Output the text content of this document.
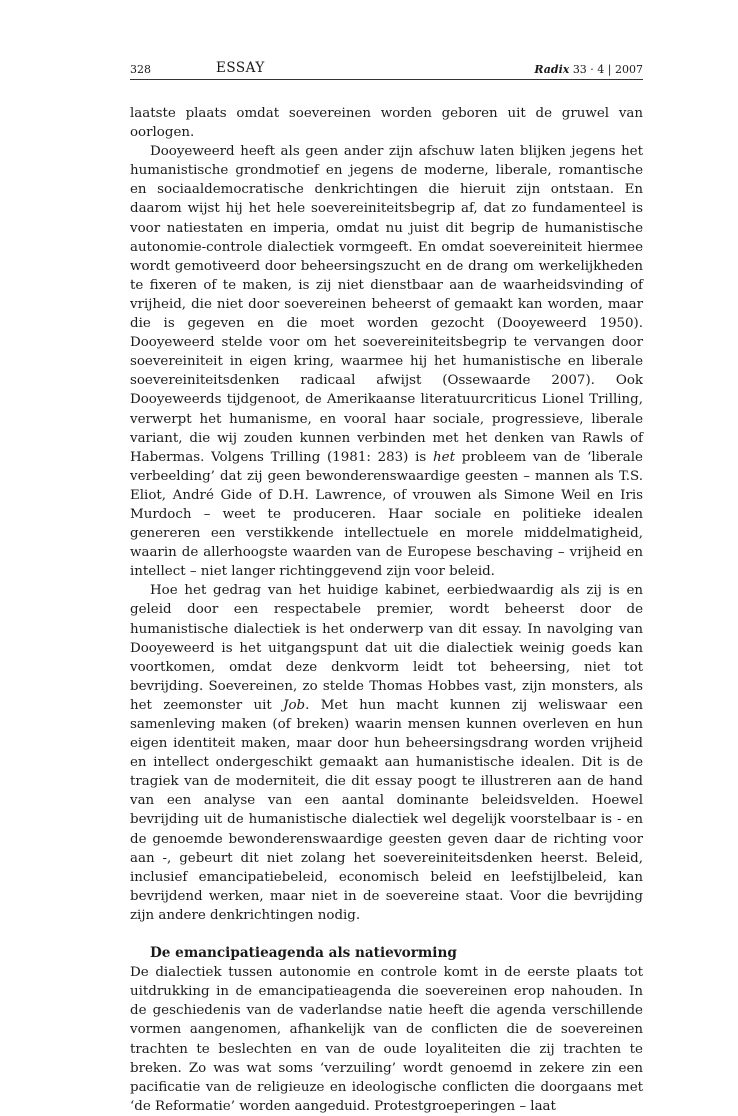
328	ESSAY	Radix 33 · 4 | 2007

laatste plaats omdat soevereinen worden geboren uit de gruwel van oorlogen.

Dooyeweerd heeft als geen ander zijn afschuw laten blijken jegens het humanistische grondmotief en jegens de moderne, liberale, romantische en sociaaldemocratische denkrichtingen die hieruit zijn ontstaan. En daarom wijst hij het hele soevereiniteitsbegrip af, dat zo fundamenteel is voor natiestaten en imperia, omdat nu juist dit begrip de humanistische autonomie-controle dialectiek vormgeeft. En omdat soevereiniteit hiermee wordt gemotiveerd door beheersingszucht en de drang om werkelijkheden te fixeren of te maken, is zij niet dienstbaar aan de waarheidsvinding of vrijheid, die niet door soevereinen beheerst of gemaakt kan worden, maar die is gegeven en die moet worden gezocht (Dooyeweerd 1950). Dooyeweerd stelde voor om het soevereiniteitsbegrip te vervangen door soevereiniteit in eigen kring, waarmee hij het humanistische en liberale soevereiniteitsdenken radicaal afwijst (Ossewaarde 2007). Ook Dooyeweerds tijdgenoot, de Amerikaanse literatuurcriticus Lionel Trilling, verwerpt het humanisme, en vooral haar sociale, progressieve, liberale variant, die wij zouden kunnen verbinden met het denken van Rawls of Habermas. Volgens Trilling (1981: 283) is het probleem van de ‘liberale verbeelding’ dat zij geen bewonderenswaardige geesten – mannen als T.S. Eliot, André Gide of D.H. Lawrence, of vrouwen als Simone Weil en Iris Murdoch – weet te produceren. Haar sociale en politieke idealen genereren een verstikkende intellectuele en morele middelmatigheid, waarin de allerhoogste waarden van de Europese beschaving – vrijheid en intellect – niet langer richtinggevend zijn voor beleid.

Hoe het gedrag van het huidige kabinet, eerbiedwaardig als zij is en geleid door een respectabele premier, wordt beheerst door de humanistische dialectiek is het onderwerp van dit essay. In navolging van Dooyeweerd is het uitgangspunt dat uit die dialectiek weinig goeds kan voortkomen, omdat deze denkvorm leidt tot beheersing, niet tot bevrijding. Soevereinen, zo stelde Thomas Hobbes vast, zijn monsters, als het zeemonster uit Job. Met hun macht kunnen zij weliswaar een samenleving maken (of breken) waarin mensen kunnen overleven en hun eigen identiteit maken, maar door hun beheersingsdrang worden vrijheid en intellect ondergeschikt gemaakt aan humanistische idealen. Dit is de tragiek van de moderniteit, die dit essay poogt te illustreren aan de hand van een analyse van een aantal dominante beleidsvelden. Hoewel bevrijding uit de humanistische dialectiek wel degelijk voorstelbaar is - en de genoemde bewonderenswaardige geesten geven daar de richting voor aan -, gebeurt dit niet zolang het soevereiniteitsdenken heerst. Beleid, inclusief emancipatiebeleid, economisch beleid en leefstijlbeleid, kan bevrijdend werken, maar niet in de soevereine staat. Voor die bevrijding zijn andere denkrichtingen nodig.

De emancipatieagenda als natievorming

De dialectiek tussen autonomie en controle komt in de eerste plaats tot uitdrukking in de emancipatieagenda die soevereinen erop nahouden. In de geschiedenis van de vaderlandse natie heeft die agenda verschillende vormen aangenomen, afhankelijk van de conflicten die de soevereinen trachten te beslechten en van de oude loyaliteiten die zij trachten te breken. Zo was wat soms ‘verzuiling’ wordt genoemd in zekere zin een pacificatie van de religieuze en ideologische conflicten die doorgaans met ‘de Reformatie’ worden aangeduid. Protestgroeperingen – laat
